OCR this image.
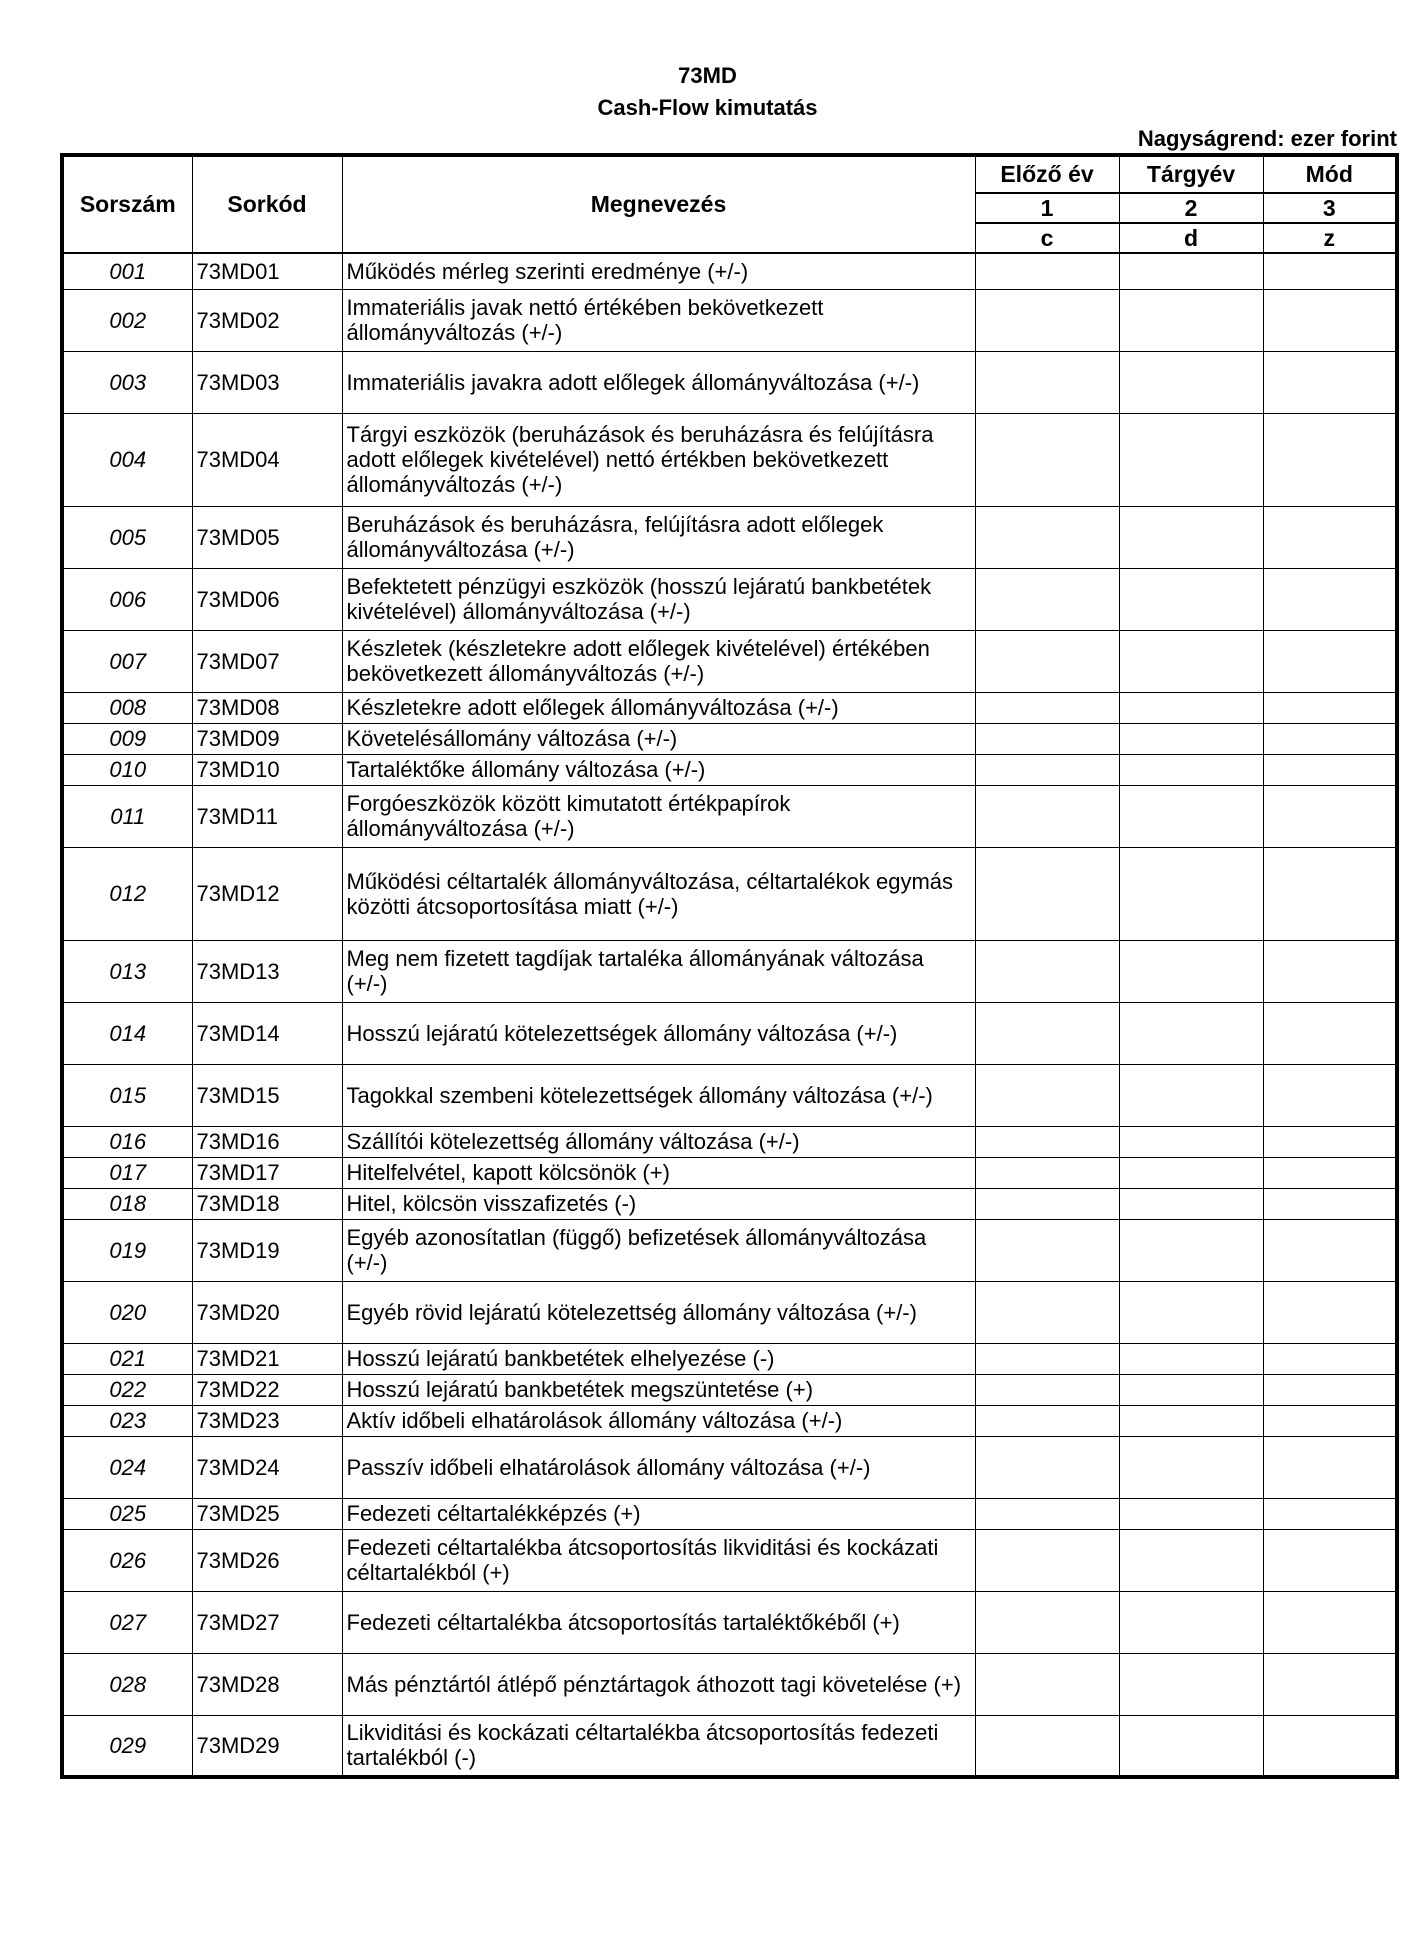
73MD
Cash-Flow kimutatás
Nagyságrend: ezer forint
Sorszám	Sorkód	Megnevezés	Előző év	Tárgyév	Mód
			1	2	3
			c	d	z
001	73MD01	Működés mérleg szerinti eredménye (+/-)			
002	73MD02	Immateriális javak nettó értékében bekövetkezett állományváltozás (+/-)			
003	73MD03	Immateriális javakra adott előlegek állományváltozása (+/-)			
004	73MD04	Tárgyi eszközök (beruházások és beruházásra és felújításra adott előlegek kivételével) nettó értékben bekövetkezett állományváltozás (+/-)			
005	73MD05	Beruházások és beruházásra, felújításra adott előlegek állományváltozása (+/-)			
006	73MD06	Befektetett pénzügyi eszközök (hosszú lejáratú bankbetétek kivételével) állományváltozása (+/-)			
007	73MD07	Készletek (készletekre adott előlegek kivételével) értékében bekövetkezett állományváltozás (+/-)			
008	73MD08	Készletekre adott előlegek állományváltozása (+/-)			
009	73MD09	Követelésállomány változása (+/-)			
010	73MD10	Tartaléktőke állomány változása (+/-)			
011	73MD11	Forgóeszközök között kimutatott értékpapírok állományváltozása (+/-)			
012	73MD12	Működési céltartalék állományváltozása, céltartalékok egymás közötti átcsoportosítása miatt (+/-)			
013	73MD13	Meg nem fizetett tagdíjak tartaléka állományának változása (+/-)			
014	73MD14	Hosszú lejáratú kötelezettségek állomány változása (+/-)			
015	73MD15	Tagokkal szembeni kötelezettségek állomány változása (+/-)			
016	73MD16	Szállítói kötelezettség állomány változása (+/-)			
017	73MD17	Hitelfelvétel, kapott kölcsönök (+)			
018	73MD18	Hitel, kölcsön visszafizetés (-)			
019	73MD19	Egyéb azonosítatlan (függő) befizetések állományváltozása (+/-)			
020	73MD20	Egyéb rövid lejáratú kötelezettség állomány változása (+/-)			
021	73MD21	Hosszú lejáratú bankbetétek elhelyezése (-)			
022	73MD22	Hosszú lejáratú bankbetétek megszüntetése (+)			
023	73MD23	Aktív időbeli elhatárolások állomány változása (+/-)			
024	73MD24	Passzív időbeli elhatárolások állomány változása (+/-)			
025	73MD25	Fedezeti céltartalékképzés (+)			
026	73MD26	Fedezeti céltartalékba átcsoportosítás likviditási és kockázati céltartalékból (+)			
027	73MD27	Fedezeti céltartalékba átcsoportosítás tartaléktőkéből (+)			
028	73MD28	Más pénztártól átlépő pénztártagok áthozott tagi követelése (+)			
029	73MD29	Likviditási és kockázati céltartalékba átcsoportosítás fedezeti tartalékból (-)			
